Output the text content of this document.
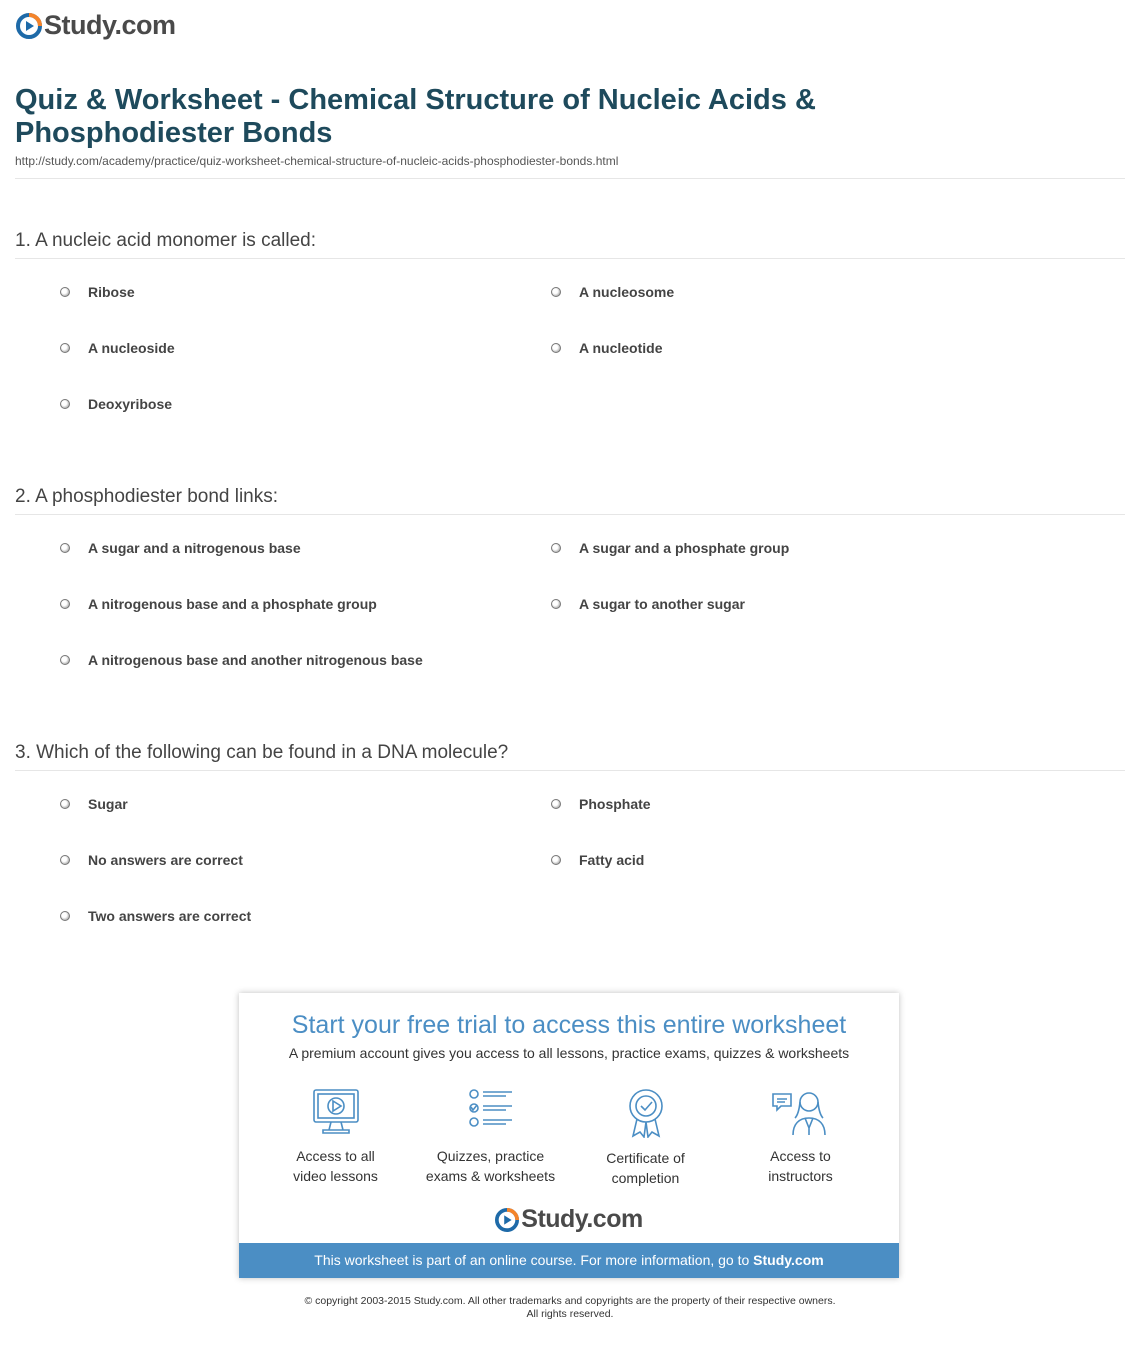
Study.com
Quiz & Worksheet - Chemical Structure of Nucleic Acids & Phosphodiester Bonds
http://study.com/academy/practice/quiz-worksheet-chemical-structure-of-nucleic-acids-phosphodiester-bonds.html

1. A nucleic acid monomer is called:

Ribose	A nucleosome
A nucleoside	A nucleotide
Deoxyribose

2. A phosphodiester bond links:

A sugar and a nitrogenous base	A sugar and a phosphate group
A nitrogenous base and a phosphate group	A sugar to another sugar
A nitrogenous base and another nitrogenous base

3. Which of the following can be found in a DNA molecule?

Sugar	Phosphate
No answers are correct	Fatty acid
Two answers are correct
Start your free trial to access this entire worksheet
A premium account gives you access to all lessons, practice exams, quizzes & worksheets
Access to all
video lessons
Quizzes, practice
exams & worksheets
Certificate of
completion
Access to
instructors
Study.com
This worksheet is part of an online course. For more information, go to Study.com
© copyright 2003-2015 Study.com. All other trademarks and copyrights are the property of their respective owners.
All rights reserved.
